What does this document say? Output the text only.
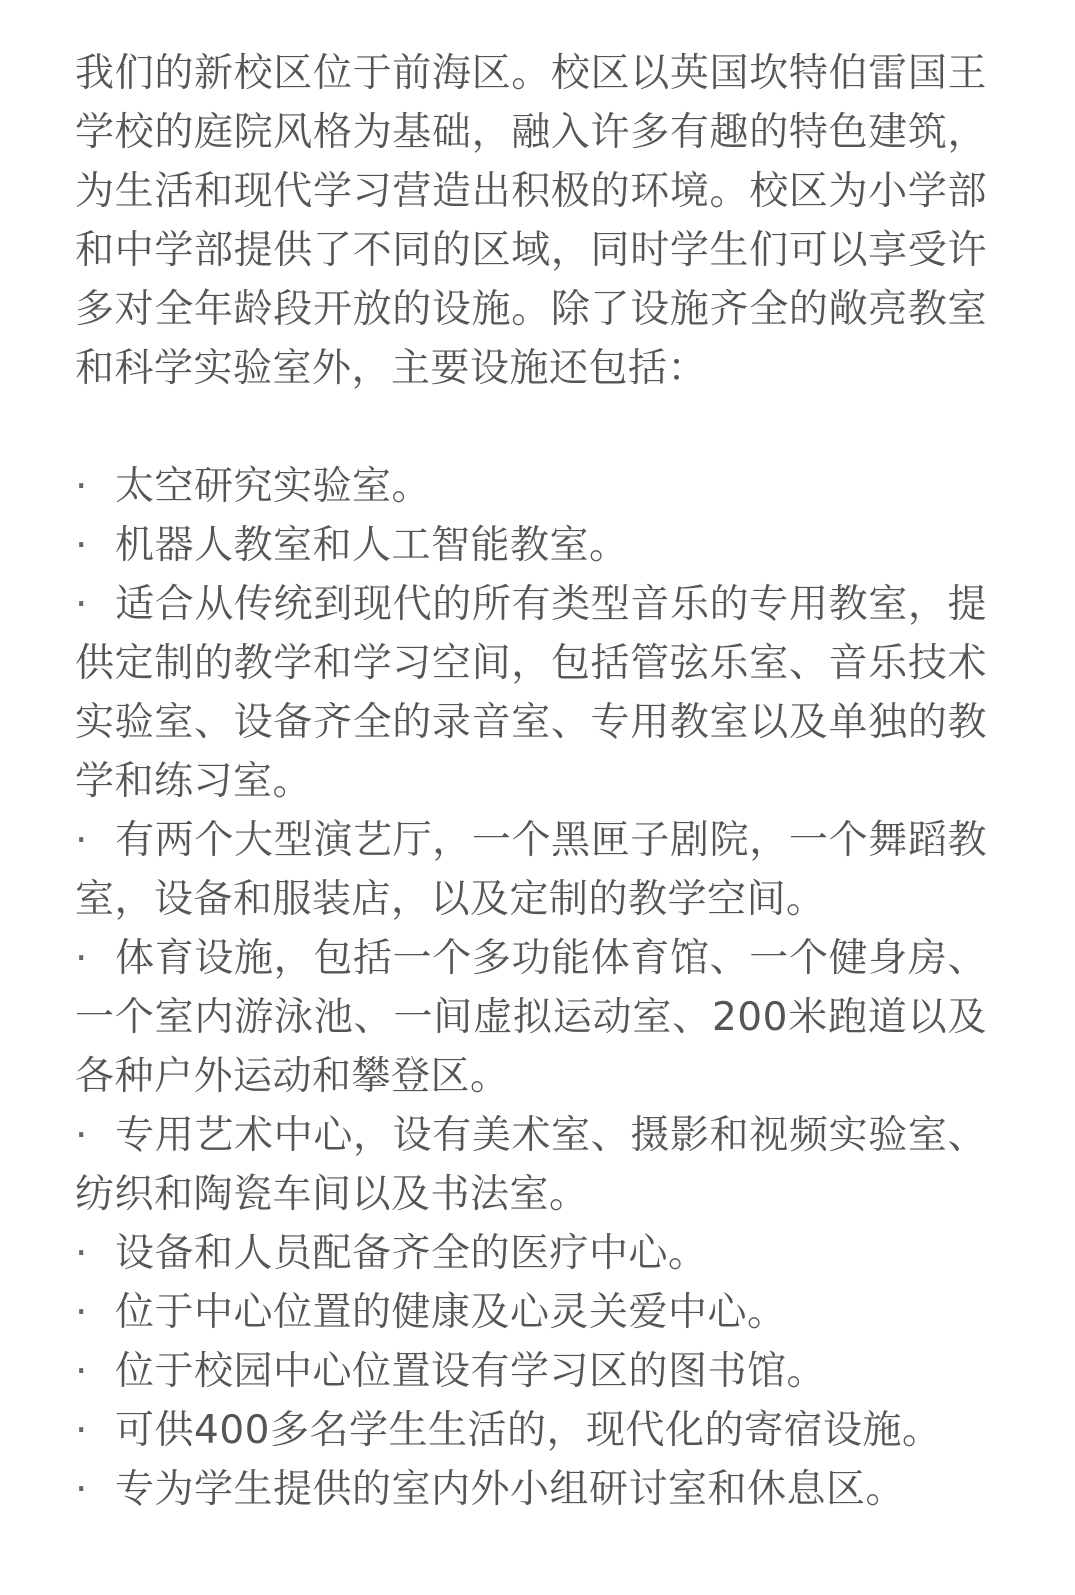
我们的新校区位于前海区。校区以英国坎特伯雷国王学校的庭院风格为基础，融入许多有趣的特色建筑，为生活和现代学习营造出积极的环境。校区为小学部和中学部提供了不同的区域，同时学生们可以享受许多对全年龄段开放的设施。除了设施齐全的敞亮教室和科学实验室外，主要设施还包括：

· 太空研究实验室。
· 机器人教室和人工智能教室。
· 适合从传统到现代的所有类型音乐的专用教室，提供定制的教学和学习空间，包括管弦乐室、音乐技术实验室、设备齐全的录音室、专用教室以及单独的教学和练习室。
· 有两个大型演艺厅，一个黑匣子剧院，一个舞蹈教室，设备和服装店，以及定制的教学空间。
· 体育设施，包括一个多功能体育馆、一个健身房、一个室内游泳池、一间虚拟运动室、200米跑道以及各种户外运动和攀登区。
· 专用艺术中心，设有美术室、摄影和视频实验室、纺织和陶瓷车间以及书法室。
· 设备和人员配备齐全的医疗中心。
· 位于中心位置的健康及心灵关爱中心。
· 位于校园中心位置设有学习区的图书馆。
· 可供400多名学生生活的，现代化的寄宿设施。
· 专为学生提供的室内外小组研讨室和休息区。
